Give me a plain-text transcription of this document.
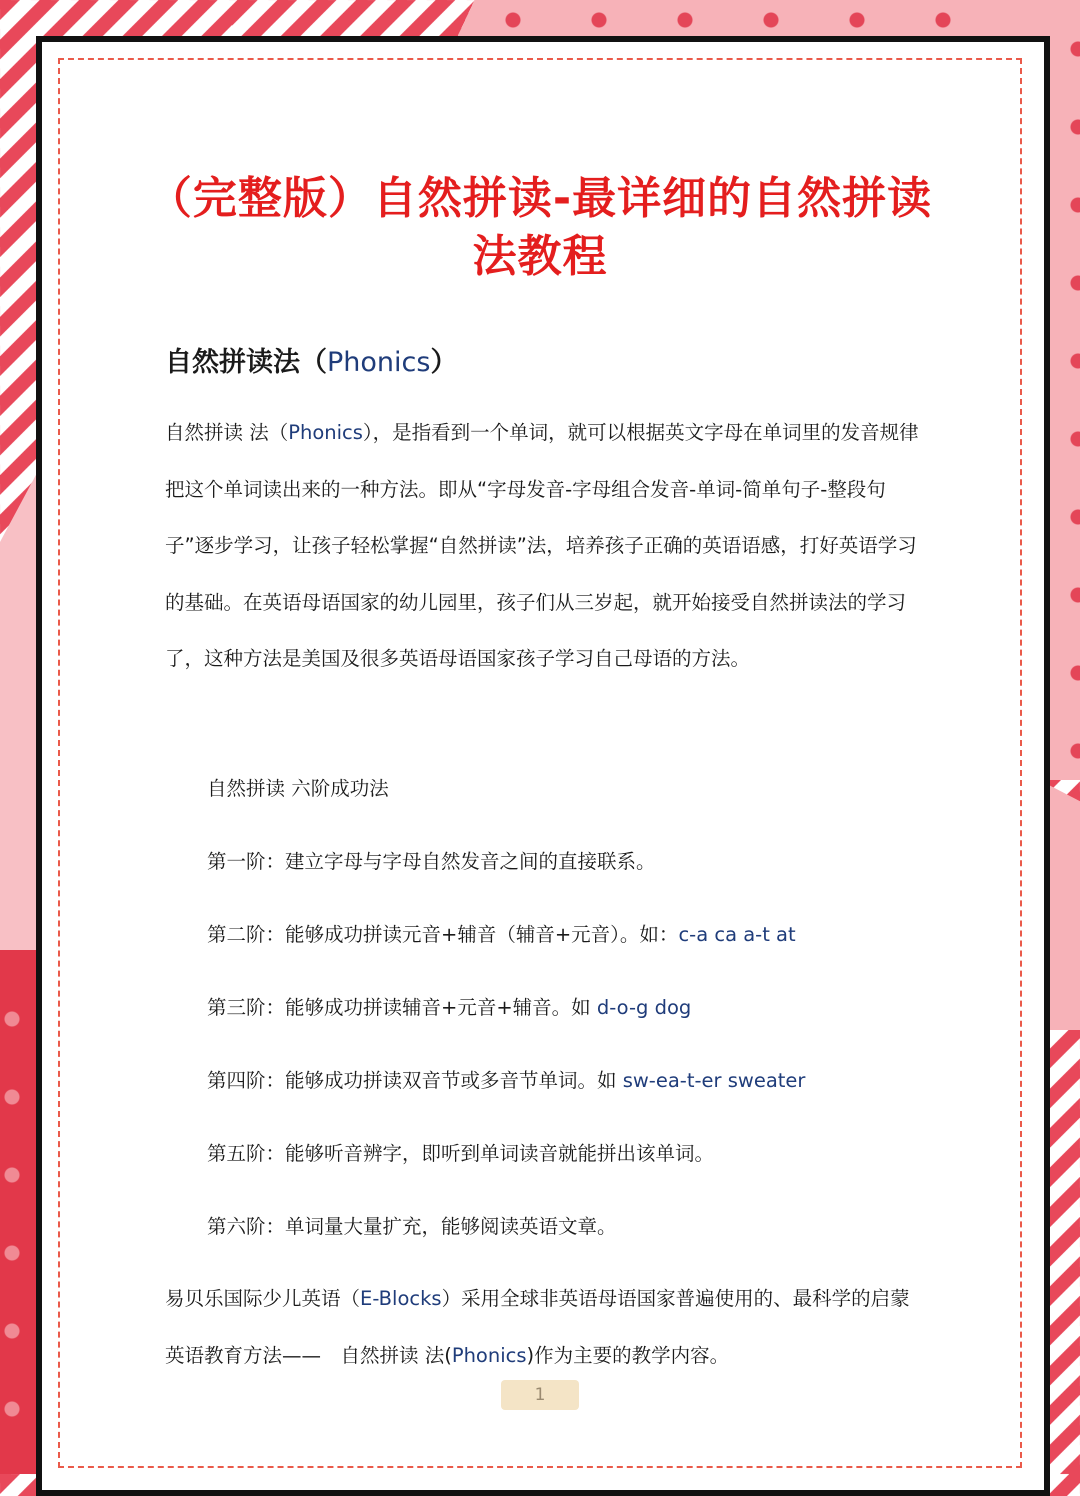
（完整版）自然拼读-最详细的自然拼读
法教程
自然拼读法（Phonics）
自然拼读 法（Phonics），是指看到一个单词，就可以根据英文字母在单词里的发音规律把这个单词读出来的一种方法。即从“字母发音-字母组合发音-单词-简单句子-整段句子”逐步学习，让孩子轻松掌握“自然拼读”法，培养孩子正确的英语语感，打好英语学习的基础。在英语母语国家的幼儿园里，孩子们从三岁起，就开始接受自然拼读法的学习了，这种方法是美国及很多英语母语国家孩子学习自己母语的方法。
自然拼读 六阶成功法
第一阶：建立字母与字母自然发音之间的直接联系。
第二阶：能够成功拼读元音+辅音（辅音+元音）。如：c-a ca a-t at
第三阶：能够成功拼读辅音+元音+辅音。如 d-o-g dog
第四阶：能够成功拼读双音节或多音节单词。如 sw-ea-t-er sweater
第五阶：能够听音辨字，即听到单词读音就能拼出该单词。
第六阶：单词量大量扩充，能够阅读英语文章。
易贝乐国际少儿英语（E-Blocks）采用全球非英语母语国家普遍使用的、最科学的启蒙英语教育方法——　自然拼读 法(Phonics)作为主要的教学内容。
1
